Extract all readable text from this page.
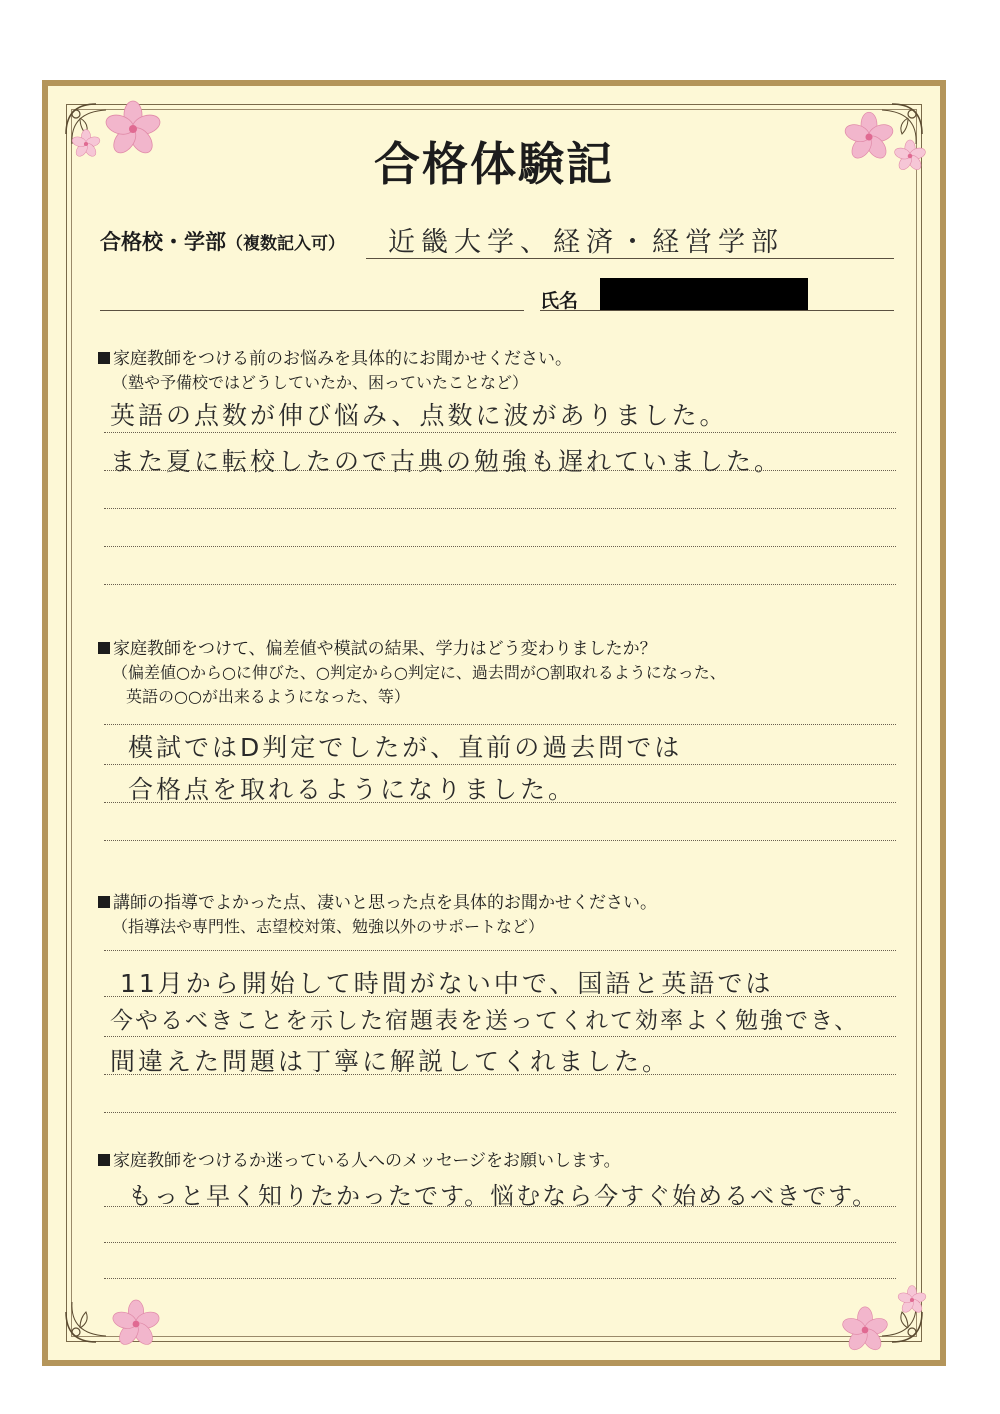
合格体験記
合格校・学部（複数記入可） 近畿大学、経済・経営学部
氏名
家庭教師をつける前のお悩みを具体的にお聞かせください。
（塾や予備校ではどうしていたか、困っていたことなど）
英語の点数が伸び悩み、点数に波がありました。
また夏に転校したので古典の勉強も遅れていました。
家庭教師をつけて、偏差値や模試の結果、学力はどう変わりましたか？
（偏差値○から○に伸びた、○判定から○判定に、過去問が○割取れるようになった、
英語の○○が出来るようになった、等）
模試ではD判定でしたが、直前の過去問では
合格点を取れるようになりました。
講師の指導でよかった点、凄いと思った点を具体的お聞かせください。
（指導法や専門性、志望校対策、勉強以外のサポートなど）
11月から開始して時間がない中で、国語と英語では
今やるべきことを示した宿題表を送ってくれて効率よく勉強でき、
間違えた問題は丁寧に解説してくれました。
家庭教師をつけるか迷っている人へのメッセージをお願いします。
もっと早く知りたかったです。悩むなら今すぐ始めるべきです。
